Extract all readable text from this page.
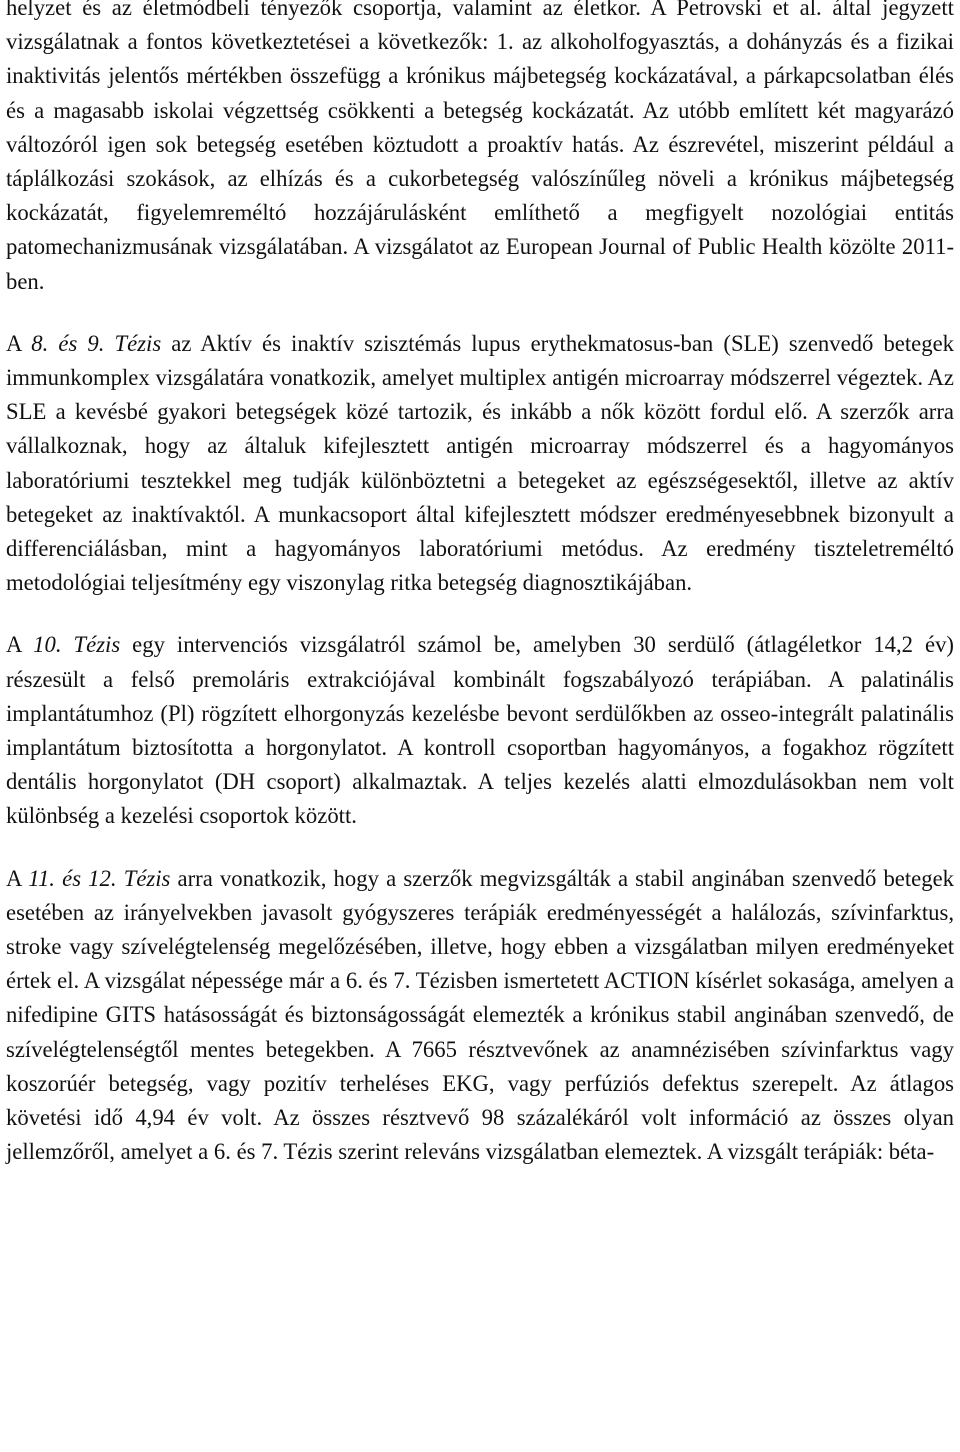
helyzet és az életmódbeli tényezők csoportja, valamint az életkor. A Petrovski et al. által jegyzett vizsgálatnak a fontos következtetései a következők: 1. az alkoholfogyasztás, a dohányzás és a fizikai inaktivitás jelentős mértékben összefügg a krónikus májbetegség kockázatával, a párkapcsolatban élés és a magasabb iskolai végzettség csökkenti a betegség kockázatát. Az utóbb említett két magyarázó változóról igen sok betegség esetében köztudott a proaktív hatás. Az észrevétel, miszerint például a táplálkozási szokások, az elhízás és a cukorbetegség valószínűleg növeli a krónikus májbetegség kockázatát, figyelemreméltó hozzájárulásként említhető a megfigyelt nozológiai entitás patomechanizmusának vizsgálatában. A vizsgálatot az European Journal of Public Health közölte 2011-ben.

A 8. és 9. Tézis az Aktív és inaktív szisztémás lupus erythekmatosus-ban (SLE) szenvedő betegek immunkomplex vizsgálatára vonatkozik, amelyet multiplex antigén microarray módszerrel végeztek. Az SLE a kevésbé gyakori betegségek közé tartozik, és inkább a nők között fordul elő. A szerzők arra vállalkoznak, hogy az általuk kifejlesztett antigén microarray módszerrel és a hagyományos laboratóriumi tesztekkel meg tudják különböztetni a betegeket az egészségesektől, illetve az aktív betegeket az inaktívaktól. A munkacsoport által kifejlesztett módszer eredményesebbnek bizonyult a differenciálásban, mint a hagyományos laboratóriumi metódus. Az eredmény tiszteletreméltó metodológiai teljesítmény egy viszonylag ritka betegség diagnosztikájában.

A 10. Tézis egy intervenciós vizsgálatról számol be, amelyben 30 serdülő (átlagéletkor 14,2 év) részesült a felső premoláris extrakciójával kombinált fogszabályozó terápiában. A palatinális implantátumhoz (Pl) rögzített elhorgonyzás kezelésbe bevont serdülőkben az osseo-integrált palatinális implantátum biztosította a horgonylatot. A kontroll csoportban hagyományos, a fogakhoz rögzített dentális horgonylatot (DH csoport) alkalmaztak. A teljes kezelés alatti elmozdulásokban nem volt különbség a kezelési csoportok között.

A 11. és 12. Tézis arra vonatkozik, hogy a szerzők megvizsgálták a stabil anginában szenvedő betegek esetében az irányelvekben javasolt gyógyszeres terápiák eredményességét a halálozás, szívinfarktus, stroke vagy szívelégtelenség megelőzésében, illetve, hogy ebben a vizsgálatban milyen eredményeket értek el. A vizsgálat népessége már a 6. és 7. Tézisben ismertetett ACTION kísérlet sokasága, amelyen a nifedipine GITS hatásosságát és biztonságosságát elemezték a krónikus stabil anginában szenvedő, de szívelégtelenségtől mentes betegekben. A 7665 résztvevőnek az anamnézisében szívinfarktus vagy koszorúér betegség, vagy pozitív terheléses EKG, vagy perfúziós defektus szerepelt. Az átlagos követési idő 4,94 év volt. Az összes résztvevő 98 százalékáról volt információ az összes olyan jellemzőről, amelyet a 6. és 7. Tézis szerint releváns vizsgálatban elemeztek. A vizsgált terápiák: béta-
